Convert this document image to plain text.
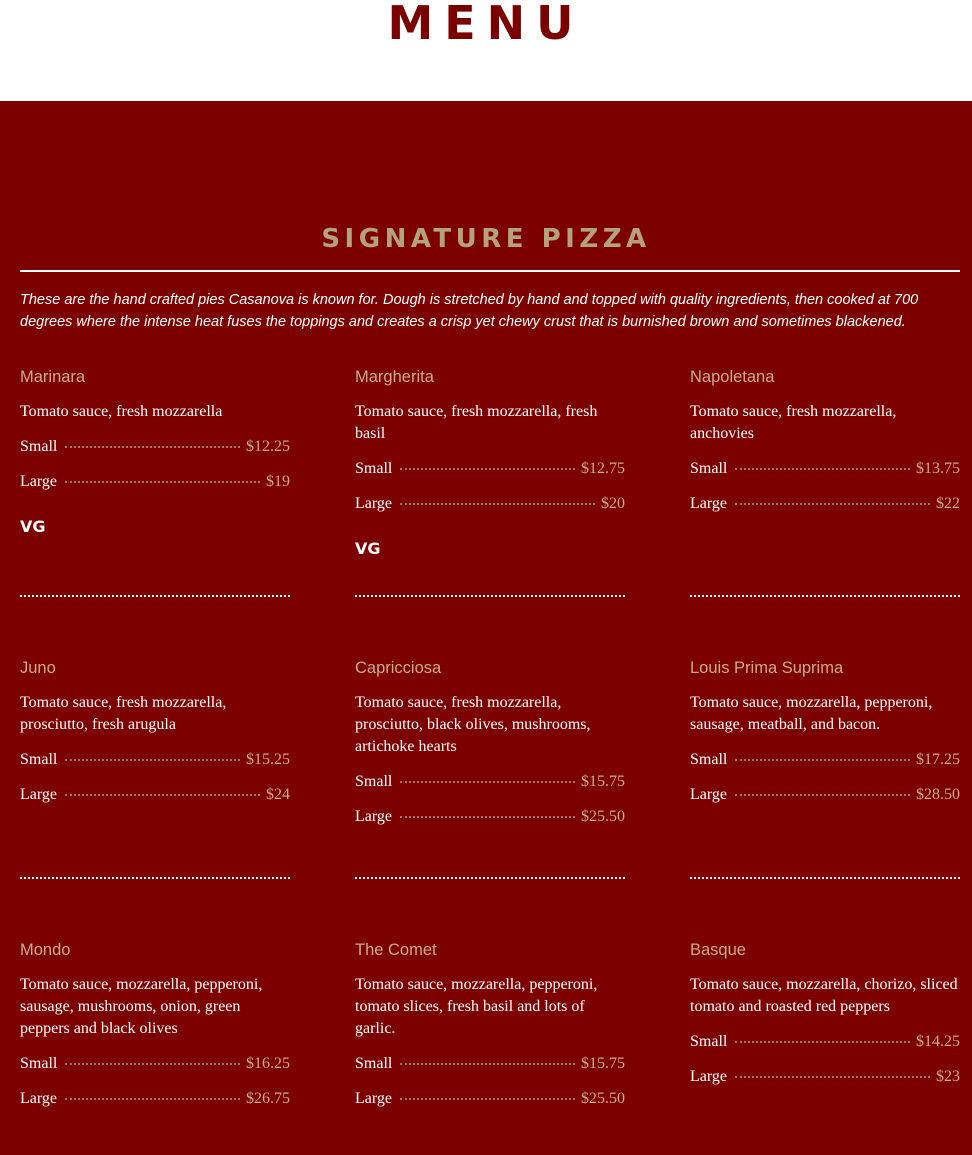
MENU
SIGNATURE PIZZA

These are the hand crafted pies Casanova is known for. Dough is stretched by hand and topped with quality ingredients, then cooked at 700 degrees where the intense heat fuses the toppings and creates a crisp yet chewy crust that is burnished brown and sometimes blackened.

Marinara
Tomato sauce, fresh mozzarella
Small	$12.25
Large	$19
VG
Margherita
Tomato sauce, fresh mozzarella, fresh basil
Small	$12.75
Large	$20
VG
Napoletana
Tomato sauce, fresh mozzarella, anchovies
Small	$13.75
Large	$22
Juno
Tomato sauce, fresh mozzarella, prosciutto, fresh arugula
Small	$15.25
Large	$24
Capricciosa
Tomato sauce, fresh mozzarella, prosciutto, black olives, mushrooms, artichoke hearts
Small	$15.75
Large	$25.50
Louis Prima Suprima
Tomato sauce, mozzarella, pepperoni, sausage, meatball, and bacon.
Small	$17.25
Large	$28.50
Mondo
Tomato sauce, mozzarella, pepperoni, sausage, mushrooms, onion, green peppers and black olives
Small	$16.25
Large	$26.75
The Comet
Tomato sauce, mozzarella, pepperoni, tomato slices, fresh basil and lots of garlic.
Small	$15.75
Large	$25.50
Basque
Tomato sauce, mozzarella, chorizo, sliced tomato and roasted red peppers
Small	$14.25
Large	$23
